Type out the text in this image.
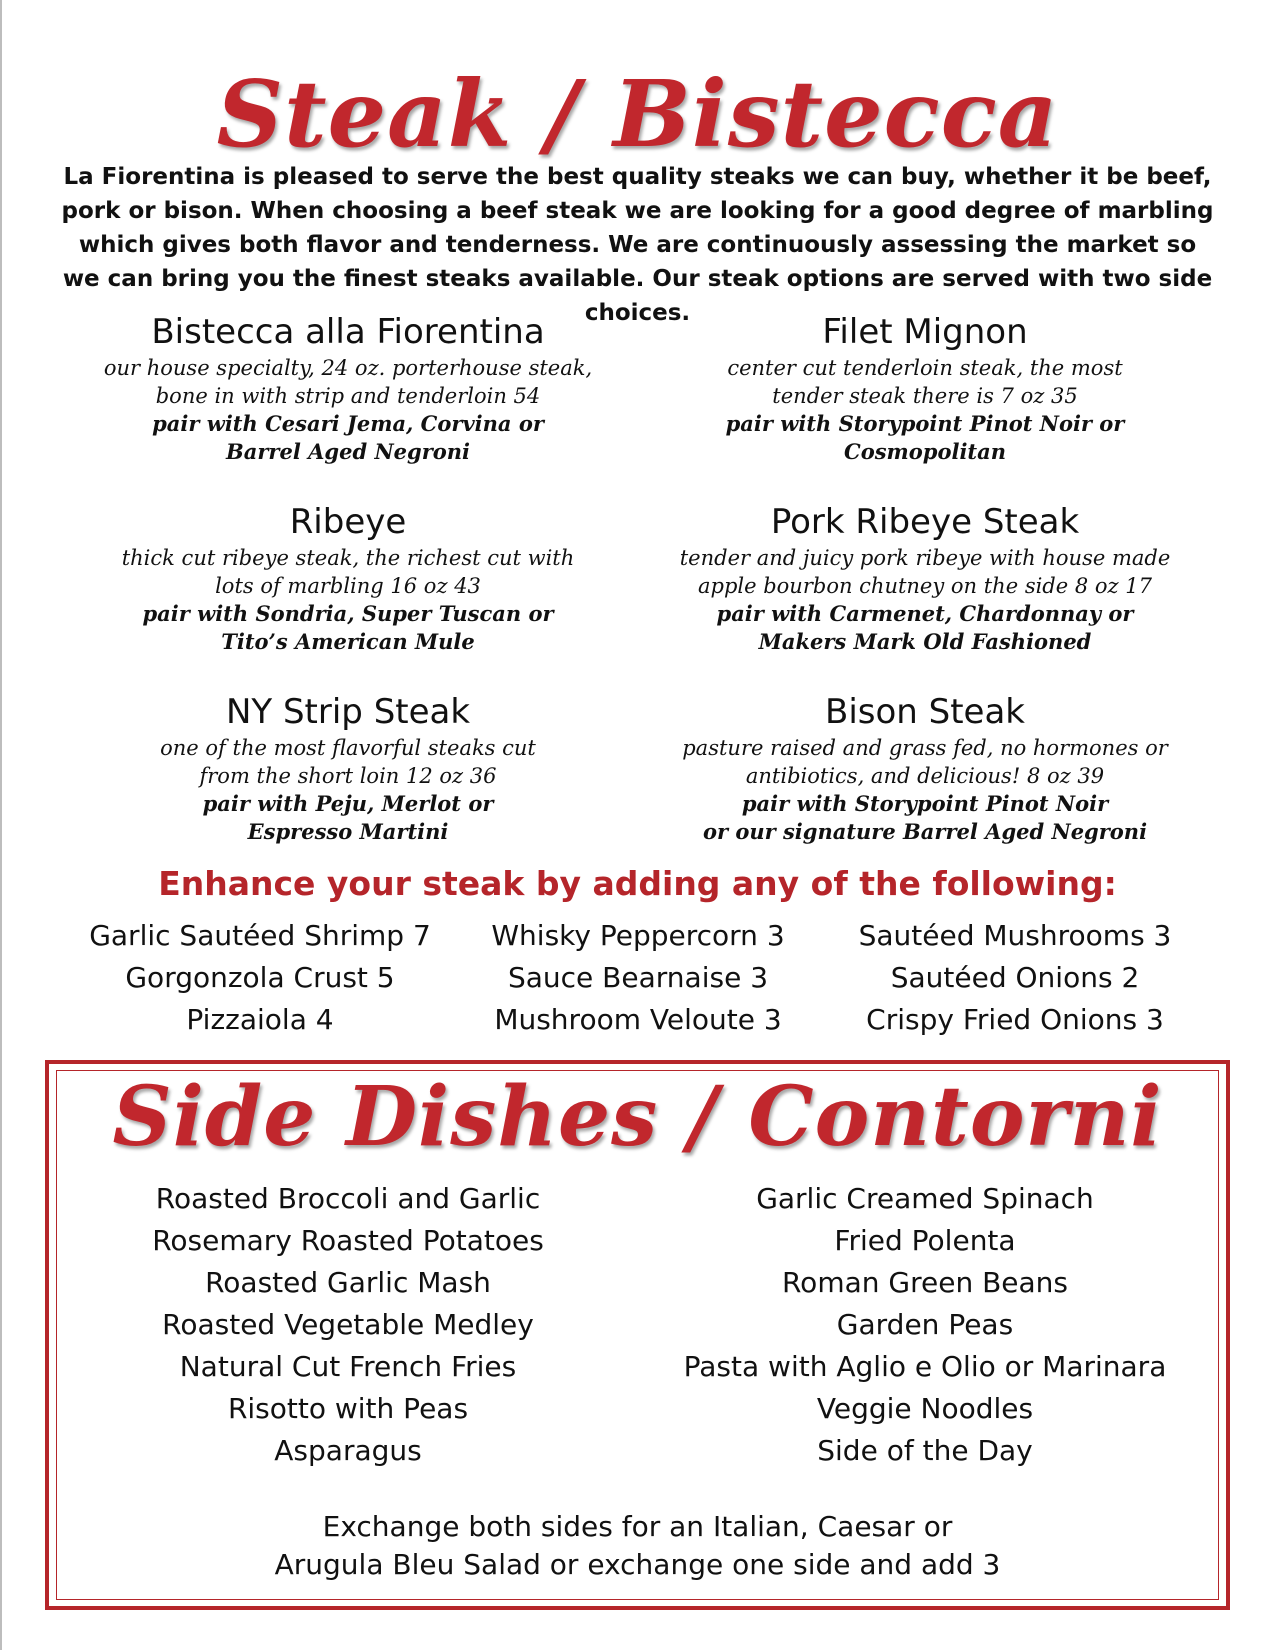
Steak / Bistecca
La Fiorentina is pleased to serve the best quality steaks we can buy, whether it be beef, pork or bison. When choosing a beef steak we are looking for a good degree of marbling which gives both flavor and tenderness. We are continuously assessing the market so we can bring you the finest steaks available. Our steak options are served with two side choices.
Bistecca alla Fiorentina
our house specialty, 24 oz. porterhouse steak,
bone in with strip and tenderloin 54
pair with Cesari Jema, Corvina or
Barrel Aged Negroni
Filet Mignon
center cut tenderloin steak, the most
tender steak there is 7 oz 35
pair with Storypoint Pinot Noir or
Cosmopolitan
Ribeye
thick cut ribeye steak, the richest cut with
lots of marbling 16 oz 43
pair with Sondria, Super Tuscan or
Tito’s American Mule
Pork Ribeye Steak
tender and juicy pork ribeye with house made
apple bourbon chutney on the side 8 oz 17
pair with Carmenet, Chardonnay or
Makers Mark Old Fashioned
NY Strip Steak
one of the most flavorful steaks cut
from the short loin 12 oz 36
pair with Peju, Merlot or
Espresso Martini
Bison Steak
pasture raised and grass fed, no hormones or
antibiotics, and delicious! 8 oz 39
pair with Storypoint Pinot Noir
or our signature Barrel Aged Negroni
Enhance your steak by adding any of the following:
Garlic Sautéed Shrimp 7
Gorgonzola Crust 5
Pizzaiola 4
Whisky Peppercorn 3
Sauce Bearnaise 3
Mushroom Veloute 3
Sautéed Mushrooms 3
Sautéed Onions 2
Crispy Fried Onions 3
Side Dishes / Contorni
Roasted Broccoli and Garlic
Rosemary Roasted Potatoes
Roasted Garlic Mash
Roasted Vegetable Medley
Natural Cut French Fries
Risotto with Peas
Asparagus
Garlic Creamed Spinach
Fried Polenta
Roman Green Beans
Garden Peas
Pasta with Aglio e Olio or Marinara
Veggie Noodles
Side of the Day
Exchange both sides for an Italian, Caesar or
Arugula Bleu Salad or exchange one side and add 3
